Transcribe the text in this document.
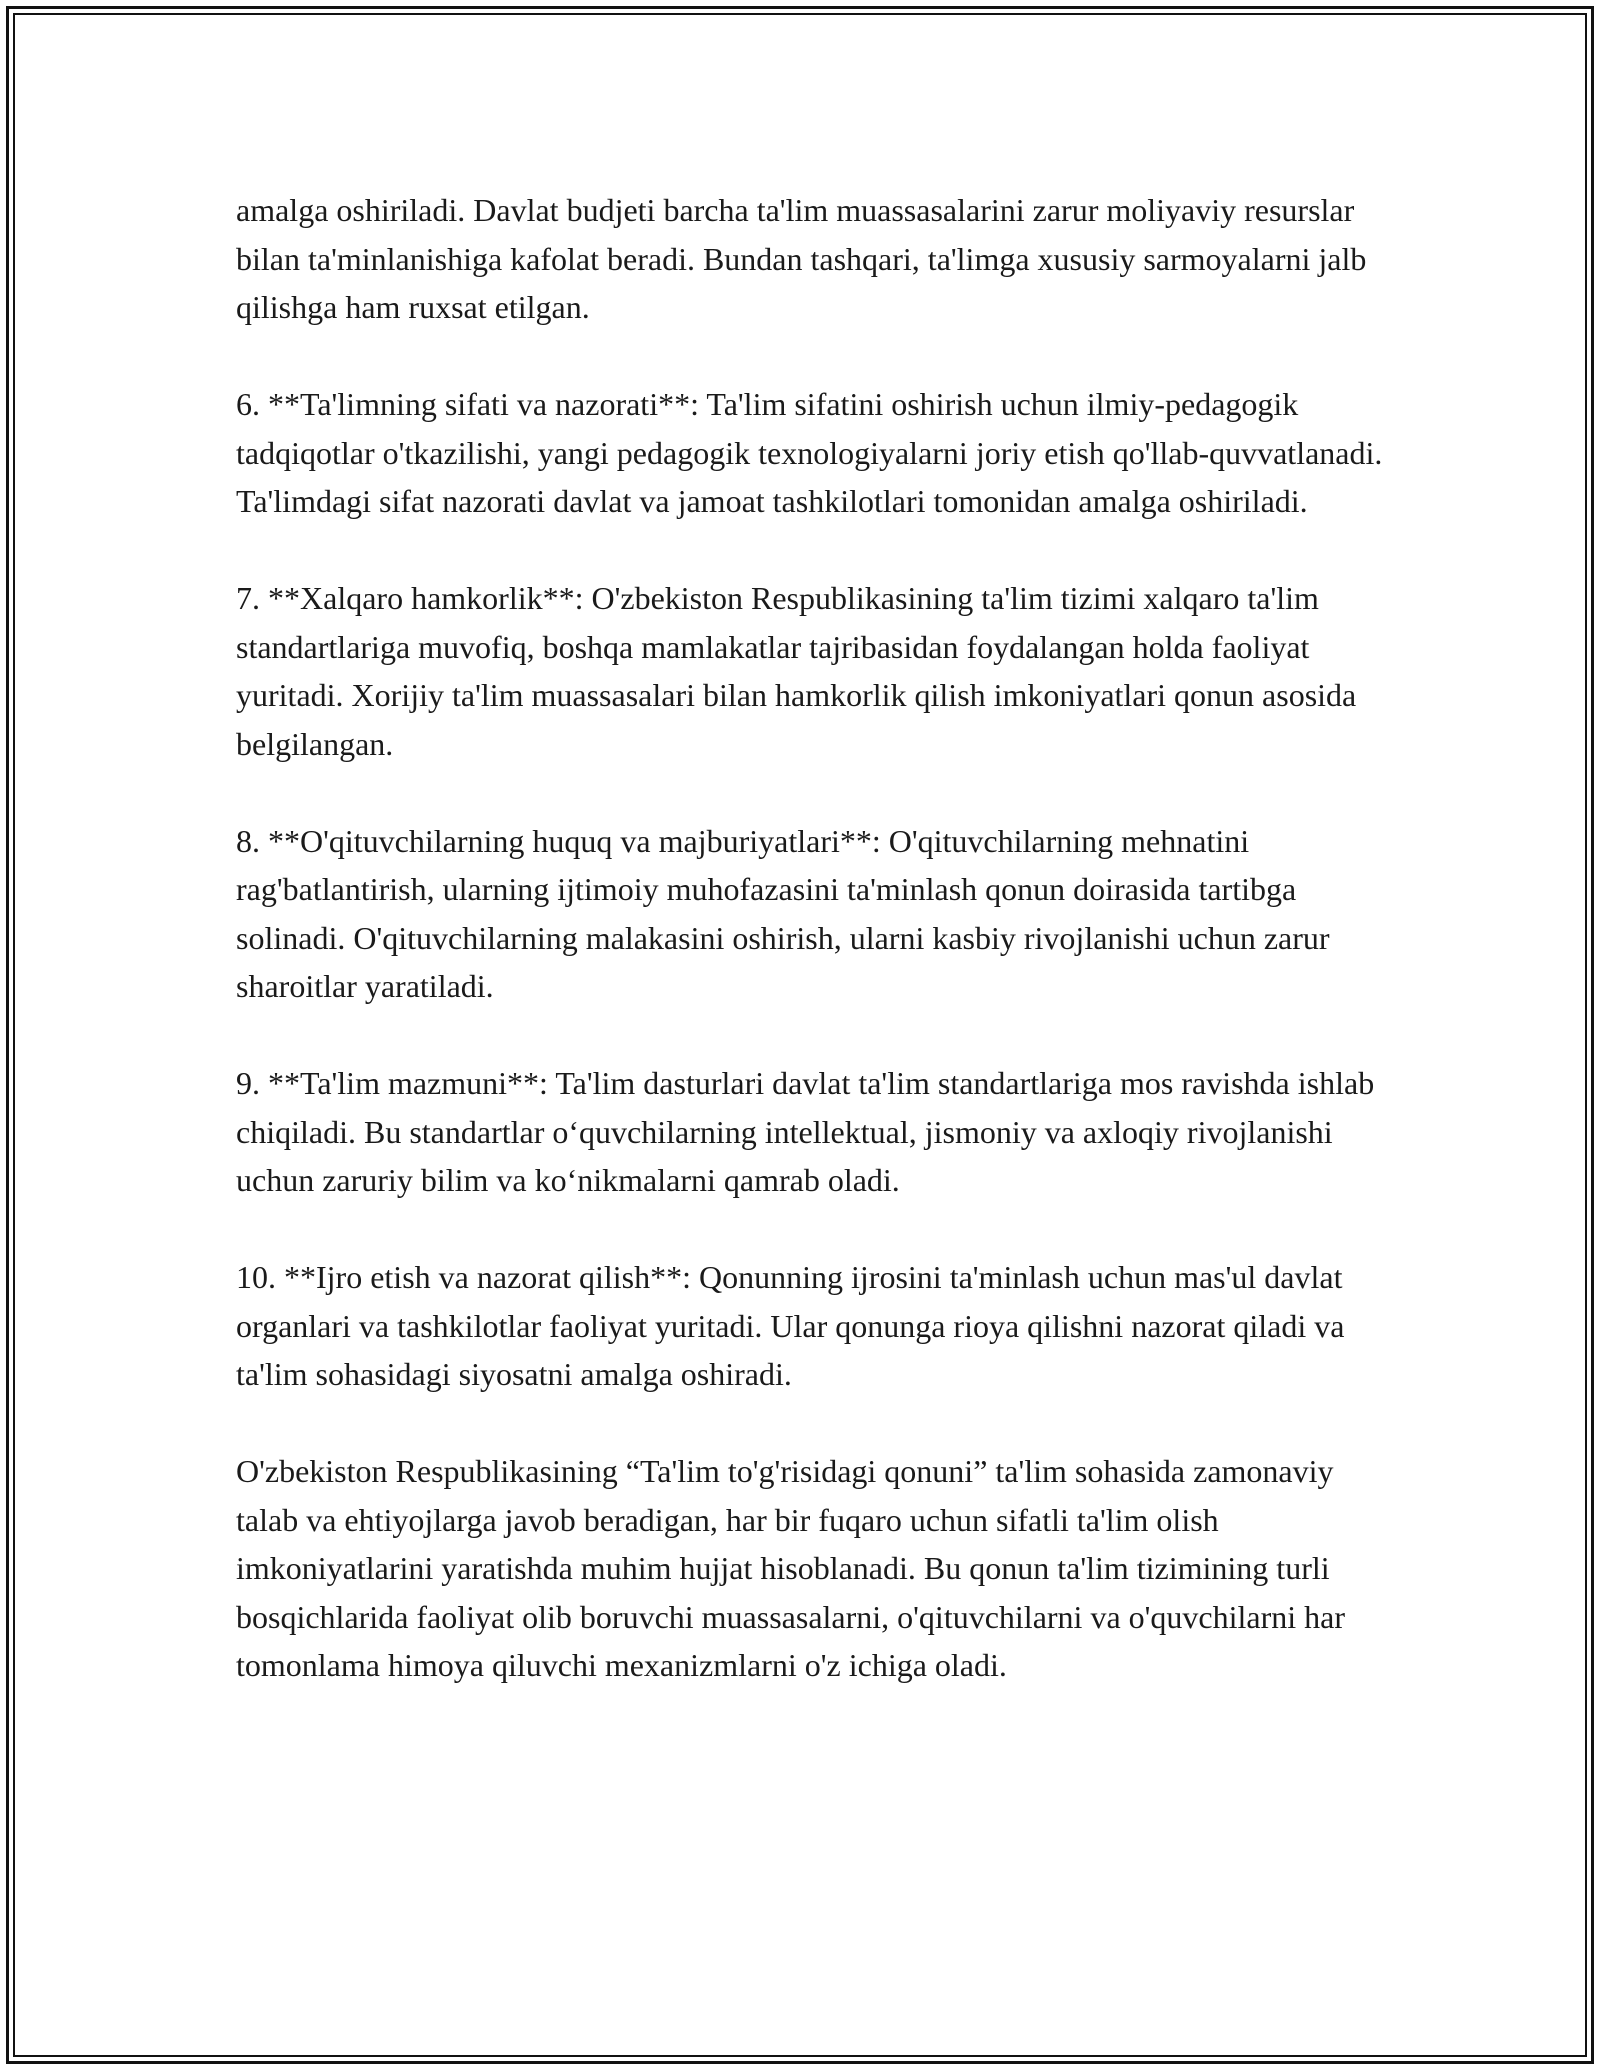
amalga oshiriladi. Davlat budjeti barcha ta'lim muassasalarini zarur moliyaviy resurslar bilan ta'minlanishiga kafolat beradi. Bundan tashqari, ta'limga xususiy sarmoyalarni jalb qilishga ham ruxsat etilgan.

6. **Ta'limning sifati va nazorati**: Ta'lim sifatini oshirish uchun ilmiy-pedagogik tadqiqotlar o'tkazilishi, yangi pedagogik texnologiyalarni joriy etish qo'llab-quvvatlanadi. Ta'limdagi sifat nazorati davlat va jamoat tashkilotlari tomonidan amalga oshiriladi.

7. **Xalqaro hamkorlik**: O'zbekiston Respublikasining ta'lim tizimi xalqaro ta'lim standartlariga muvofiq, boshqa mamlakatlar tajribasidan foydalangan holda faoliyat yuritadi. Xorijiy ta'lim muassasalari bilan hamkorlik qilish imkoniyatlari qonun asosida belgilangan.

8. **O'qituvchilarning huquq va majburiyatlari**: O'qituvchilarning mehnatini rag'batlantirish, ularning ijtimoiy muhofazasini ta'minlash qonun doirasida tartibga solinadi. O'qituvchilarning malakasini oshirish, ularni kasbiy rivojlanishi uchun zarur sharoitlar yaratiladi.

9. **Ta'lim mazmuni**: Ta'lim dasturlari davlat ta'lim standartlariga mos ravishda ishlab chiqiladi. Bu standartlar o‘quvchilarning intellektual, jismoniy va axloqiy rivojlanishi uchun zaruriy bilim va ko‘nikmalarni qamrab oladi.

10. **Ijro etish va nazorat qilish**: Qonunning ijrosini ta'minlash uchun mas'ul davlat organlari va tashkilotlar faoliyat yuritadi. Ular qonunga rioya qilishni nazorat qiladi va ta'lim sohasidagi siyosatni amalga oshiradi.

O'zbekiston Respublikasining “Ta'lim to'g'risidagi qonuni” ta'lim sohasida zamonaviy talab va ehtiyojlarga javob beradigan, har bir fuqaro uchun sifatli ta'lim olish imkoniyatlarini yaratishda muhim hujjat hisoblanadi. Bu qonun ta'lim tizimining turli bosqichlarida faoliyat olib boruvchi muassasalarni, o'qituvchilarni va o'quvchilarni har tomonlama himoya qiluvchi mexanizmlarni o'z ichiga oladi.
